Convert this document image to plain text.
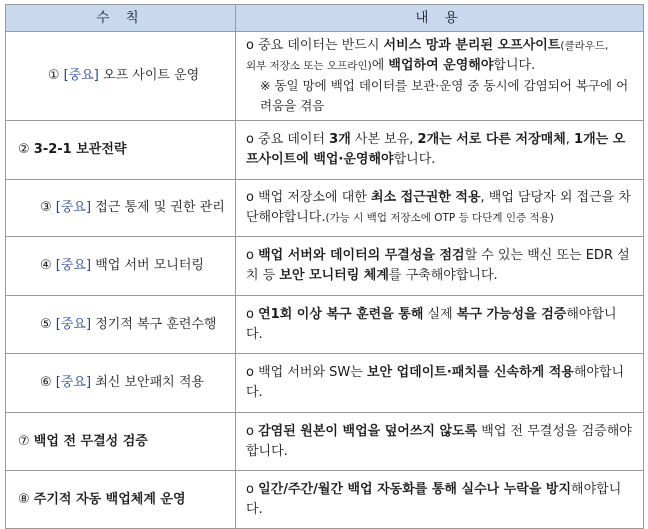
수 칙	내 용
① [중요] 오프 사이트 운영	o 중요 데이터는 반드시 서비스 망과 분리된 오프사이트(클라우드,
외부 저장소 또는 오프라인)에 백업하여 운영해야합니다.
※ 동일 망에 백업 데이터를 보관·운영 중 동시에 감염되어 복구에 어려움을 겪음

② 3-2-1 보관전략	o 중요 데이터 3개 사본 보유, 2개는 서로 다른 저장매체, 1개는 오프사이트에 백업·운영해야합니다.
③ [중요] 접근 통제 및 권한 관리	o 백업 저장소에 대한 최소 접근권한 적용, 백업 담당자 외 접근을 차단해야합니다.(가능 시 백업 저장소에 OTP 등 다단계 인증 적용)
④ [중요] 백업 서버 모니터링	o 백업 서버와 데이터의 무결성을 점검할 수 있는 백신 또는 EDR 설치 등 보안 모니터링 체계를 구축해야합니다.
⑤ [중요] 정기적 복구 훈련수행	o 연1회 이상 복구 훈련을 통해 실제 복구 가능성을 검증해야합니다.
⑥ [중요] 최신 보안패치 적용	o 백업 서버와 SW는 보안 업데이트·패치를 신속하게 적용해야합니다.
⑦ 백업 전 무결성 검증	o 감염된 원본이 백업을 덮어쓰지 않도록 백업 전 무결성을 검증해야합니다.
⑧ 주기적 자동 백업체계 운영	o 일간/주간/월간 백업 자동화를 통해 실수나 누락을 방지해야합니다.
